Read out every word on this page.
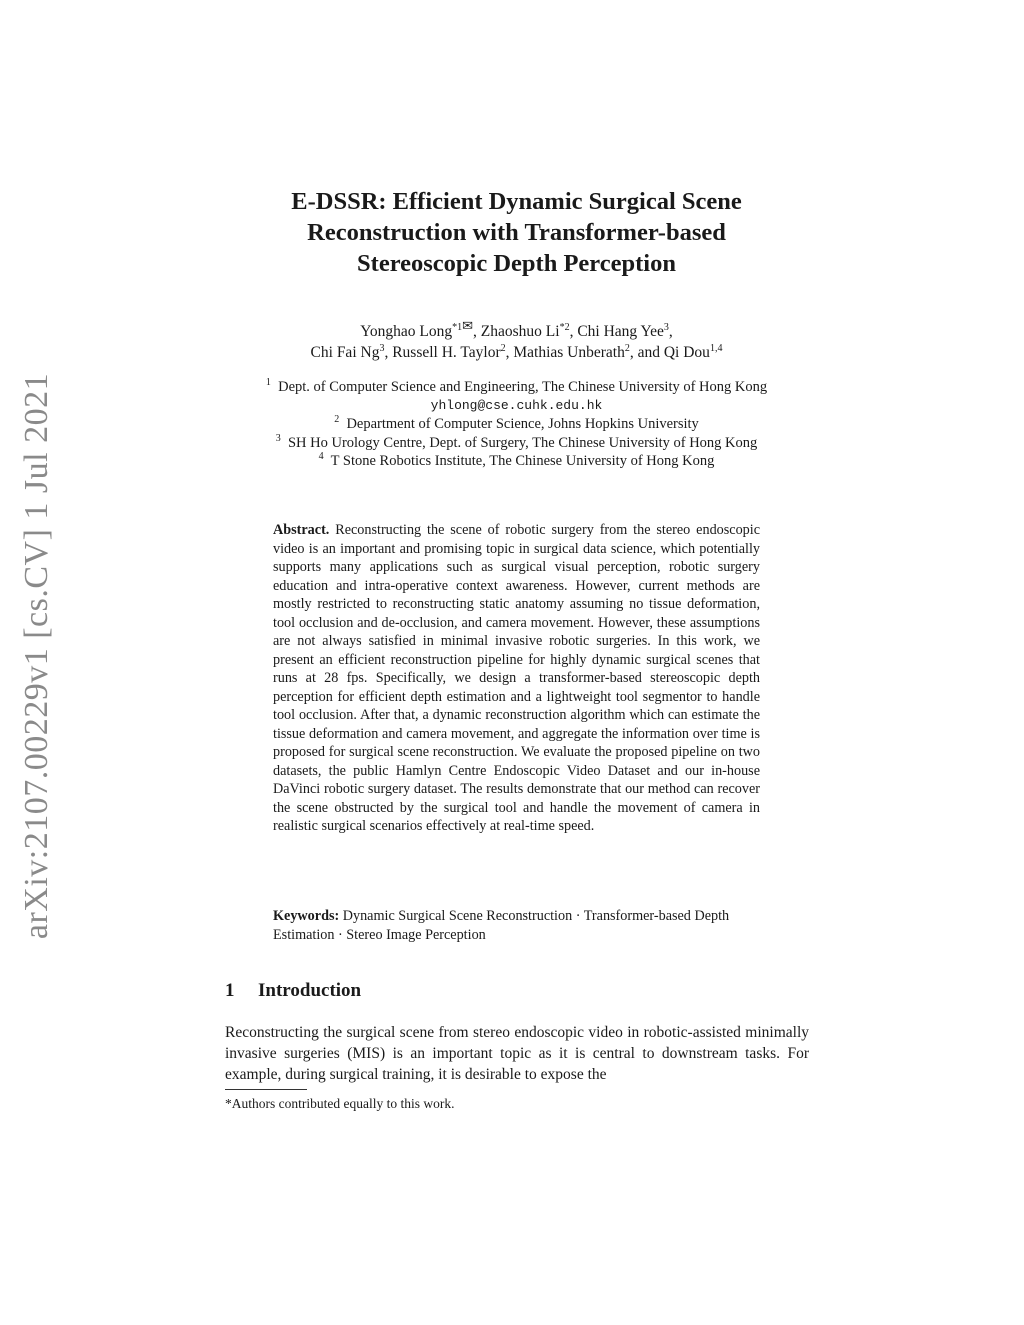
arXiv:2107.00229v1 [cs.CV] 1 Jul 2021
E-DSSR: Efficient Dynamic Surgical Scene
Reconstruction with Transformer-based
Stereoscopic Depth Perception
Yonghao Long$^{*1✉}$, Zhaoshuo Li$^{*2}$, Chi Hang Yee$^3$,
Chi Fai Ng$^3$, Russell H. Taylor$^2$, Mathias Unberath$^2$, and Qi Dou$^{1,4}$
$^1$ Dept. of Computer Science and Engineering, The Chinese University of Hong Kong
yhlong@cse.cuhk.edu.hk
$^2$ Department of Computer Science, Johns Hopkins University
$^3$ SH Ho Urology Centre, Dept. of Surgery, The Chinese University of Hong Kong
$^4$ T Stone Robotics Institute, The Chinese University of Hong Kong
Abstract. Reconstructing the scene of robotic surgery from the stereo endoscopic video is an important and promising topic in surgical data science, which potentially supports many applications such as surgical visual perception, robotic surgery education and intra-operative context awareness. However, current methods are mostly restricted to reconstructing static anatomy assuming no tissue deformation, tool occlusion and de-occlusion, and camera movement. However, these assumptions are not always satisfied in minimal invasive robotic surgeries. In this work, we present an efficient reconstruction pipeline for highly dynamic surgical scenes that runs at 28 fps. Specifically, we design a transformer-based stereoscopic depth perception for efficient depth estimation and a lightweight tool segmentor to handle tool occlusion. After that, a dynamic reconstruction algorithm which can estimate the tissue deformation and camera movement, and aggregate the information over time is proposed for surgical scene reconstruction. We evaluate the proposed pipeline on two datasets, the public Hamlyn Centre Endoscopic Video Dataset and our in-house DaVinci robotic surgery dataset. The results demonstrate that our method can recover the scene obstructed by the surgical tool and handle the movement of camera in realistic surgical scenarios effectively at real-time speed.
Keywords: Dynamic Surgical Scene Reconstruction · Transformer-based Depth Estimation · Stereo Image Perception
1 Introduction
Reconstructing the surgical scene from stereo endoscopic video in robotic-assisted minimally invasive surgeries (MIS) is an important topic as it is central to downstream tasks. For example, during surgical training, it is desirable to expose the
*Authors contributed equally to this work.
